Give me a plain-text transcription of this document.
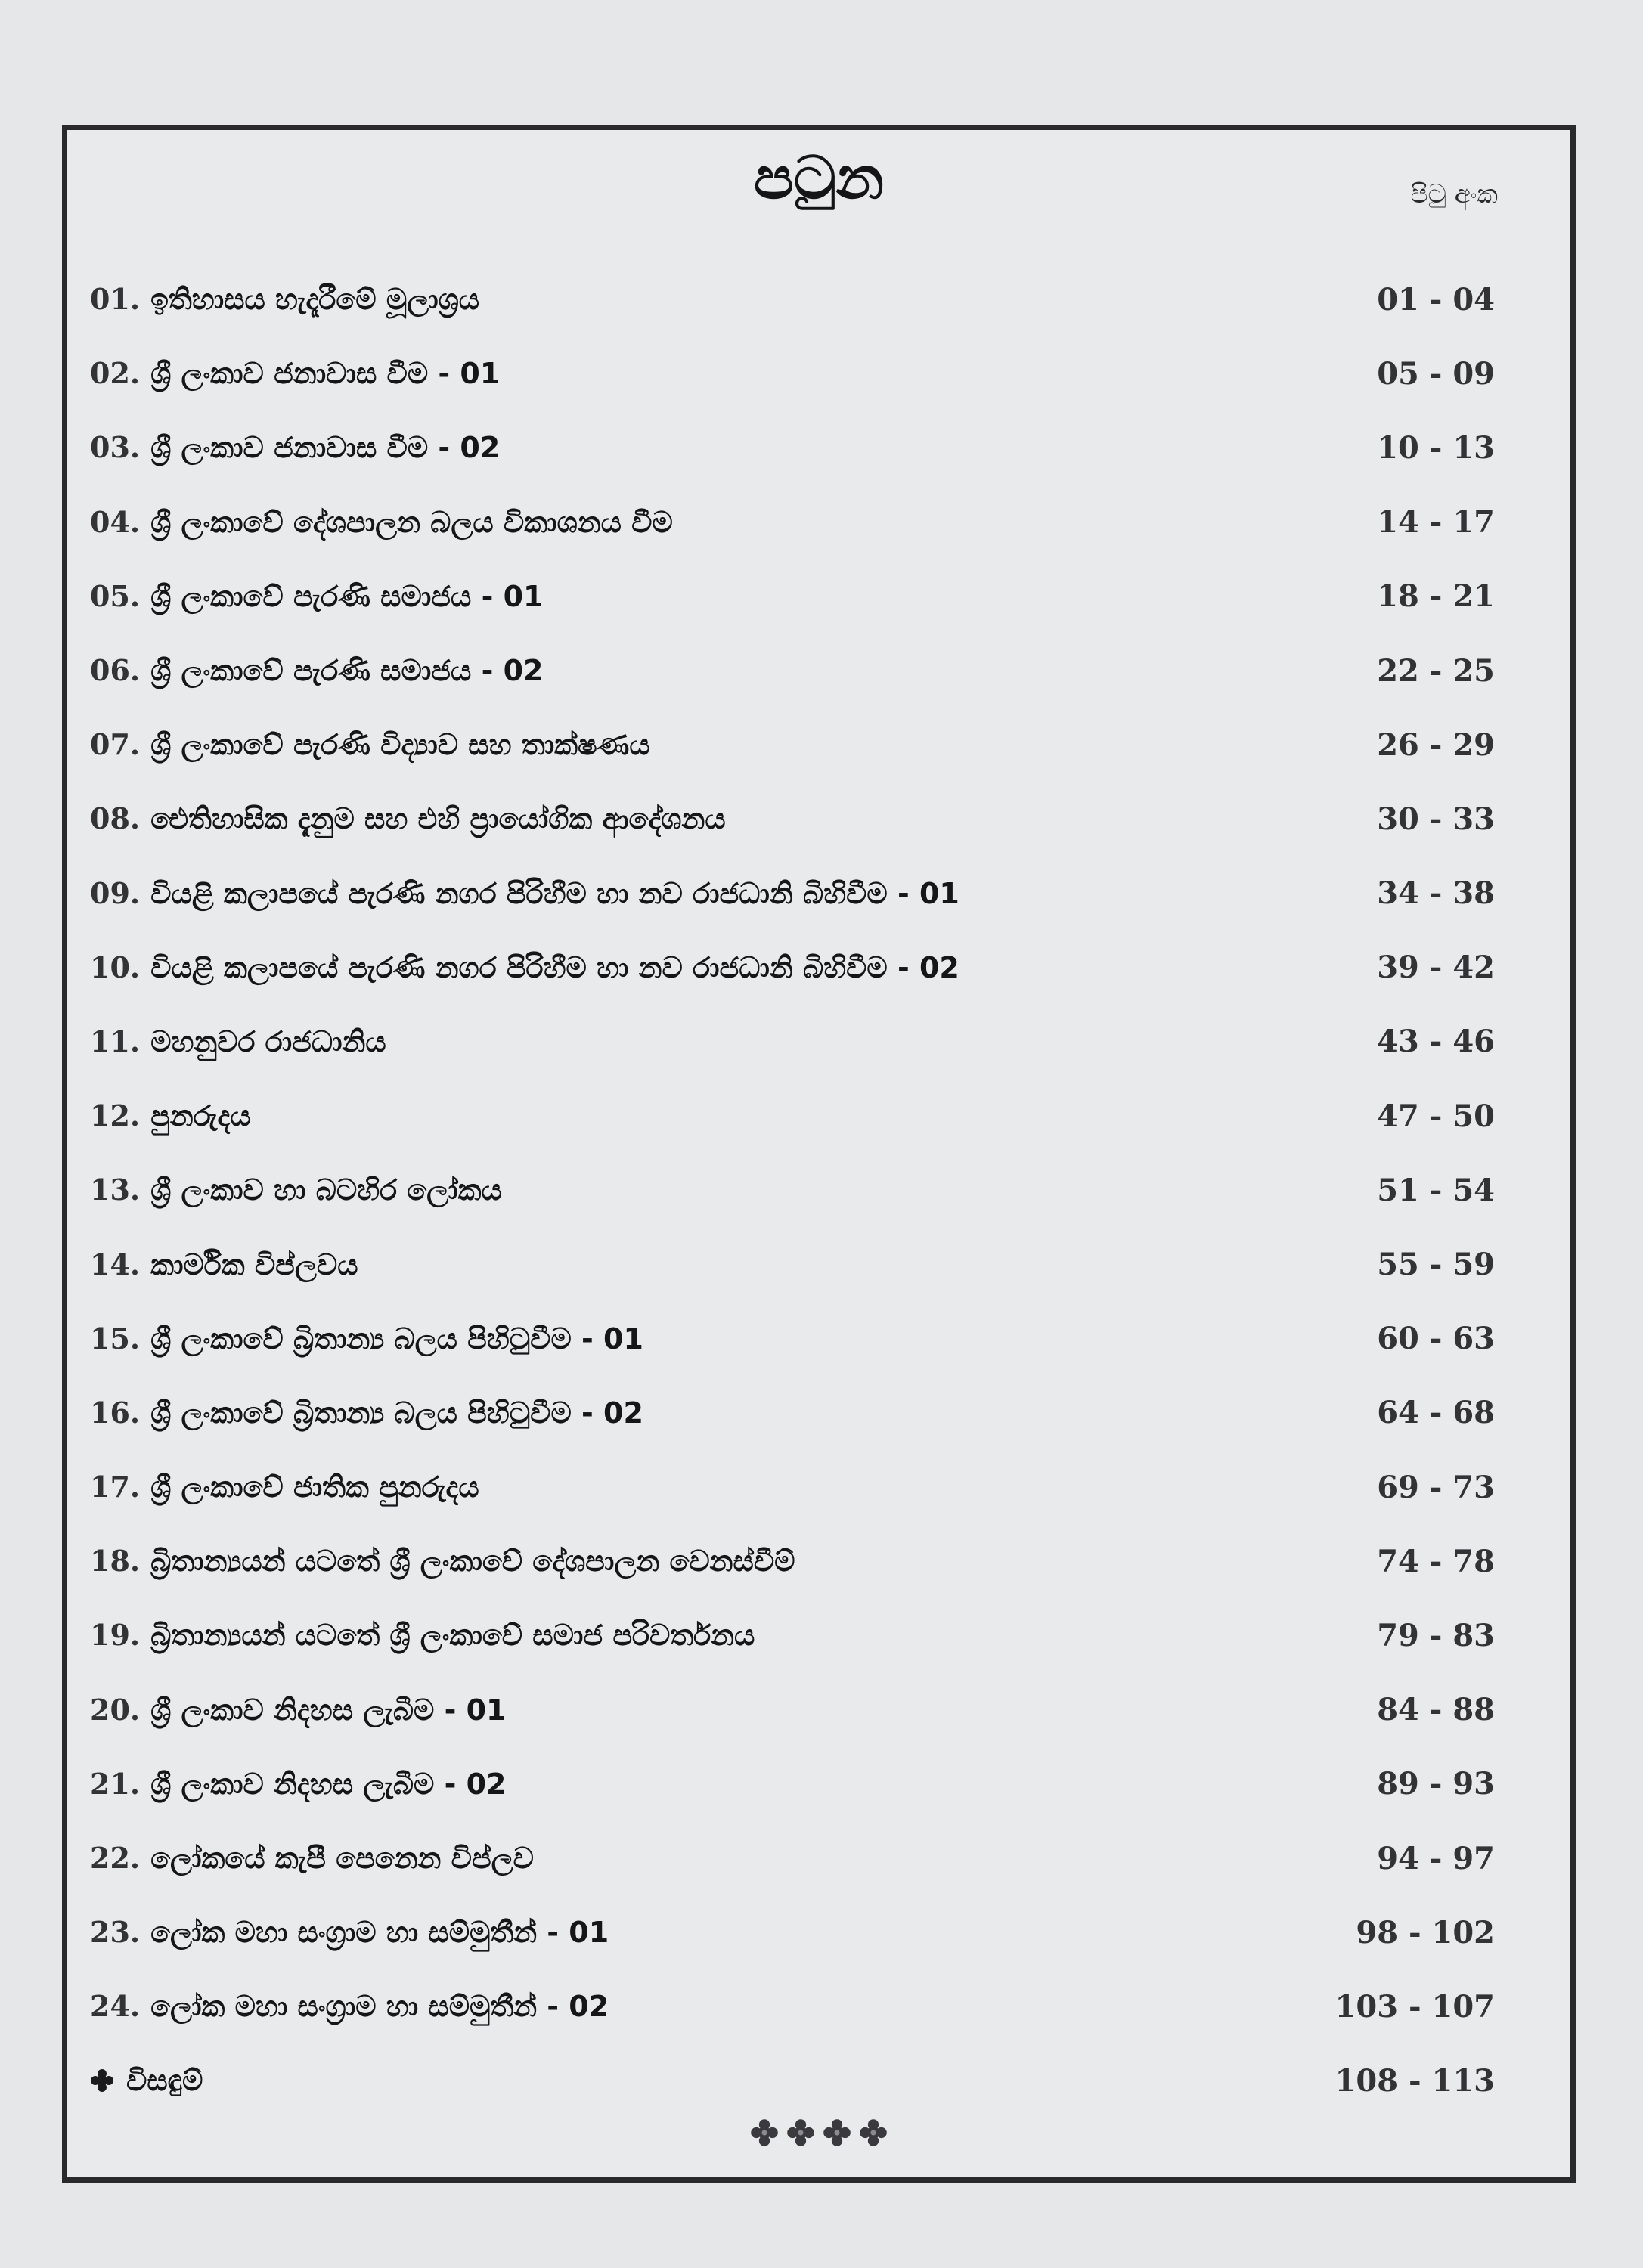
පටුන	පිටු අංක
01. ඉතිහාසය හැදෑරීමේ මූලාශ්‍රය	01 - 04
02. ශ්‍රී ලංකාව ජනාවාස වීම - 01	05 - 09
03. ශ්‍රී ලංකාව ජනාවාස වීම - 02	10 - 13
04. ශ්‍රී ලංකාවේ දේශපාලන බලය විකාශනය වීම	14 - 17
05. ශ්‍රී ලංකාවේ පැරණි සමාජය - 01	18 - 21
06. ශ්‍රී ලංකාවේ පැරණි සමාජය - 02	22 - 25
07. ශ්‍රී ලංකාවේ පැරණි විද්‍යාව සහ තාක්ෂණය	26 - 29
08. ඓතිහාසික දැනුම සහ එහි ප්‍රායෝගික ආදේශනය	30 - 33
09. වියළි කලාපයේ පැරණි නගර පිරිහීම හා නව රාජධානි බිහිවීම - 01	34 - 38
10. වියළි කලාපයේ පැරණි නගර පිරිහීම හා නව රාජධානි බිහිවීම - 02	39 - 42
11. මහනුවර රාජධානිය	43 - 46
12. පුනරුදය	47 - 50
13. ශ්‍රී ලංකාව හා බටහිර ලෝකය	51 - 54
14. කාර්මික විප්ලවය	55 - 59
15. ශ්‍රී ලංකාවේ බ්‍රිතාන්‍ය බලය පිහිටුවීම - 01	60 - 63
16. ශ්‍රී ලංකාවේ බ්‍රිතාන්‍ය බලය පිහිටුවීම - 02	64 - 68
17. ශ්‍රී ලංකාවේ ජාතික පුනරුදය	69 - 73
18. බ්‍රිතාන්‍යයන් යටතේ ශ්‍රී ලංකාවේ දේශපාලන වෙනස්වීම්	74 - 78
19. බ්‍රිතාන්‍යයන් යටතේ ශ්‍රී ලංකාවේ සමාජ පරිවර්තනය	79 - 83
20. ශ්‍රී ලංකාව නිදහස ලැබීම - 01	84 - 88
21. ශ්‍රී ලංකාව නිදහස ලැබීම - 02	89 - 93
22. ලෝකයේ කැපී පෙනෙන විප්ලව	94 - 97
23. ලෝක මහා සංග්‍රාම හා සම්මුතීන් - 01	98 - 102
24. ලෝක මහා සංග්‍රාම හා සම්මුතීන් - 02	103 - 107
විසඳුම්	108 - 113
